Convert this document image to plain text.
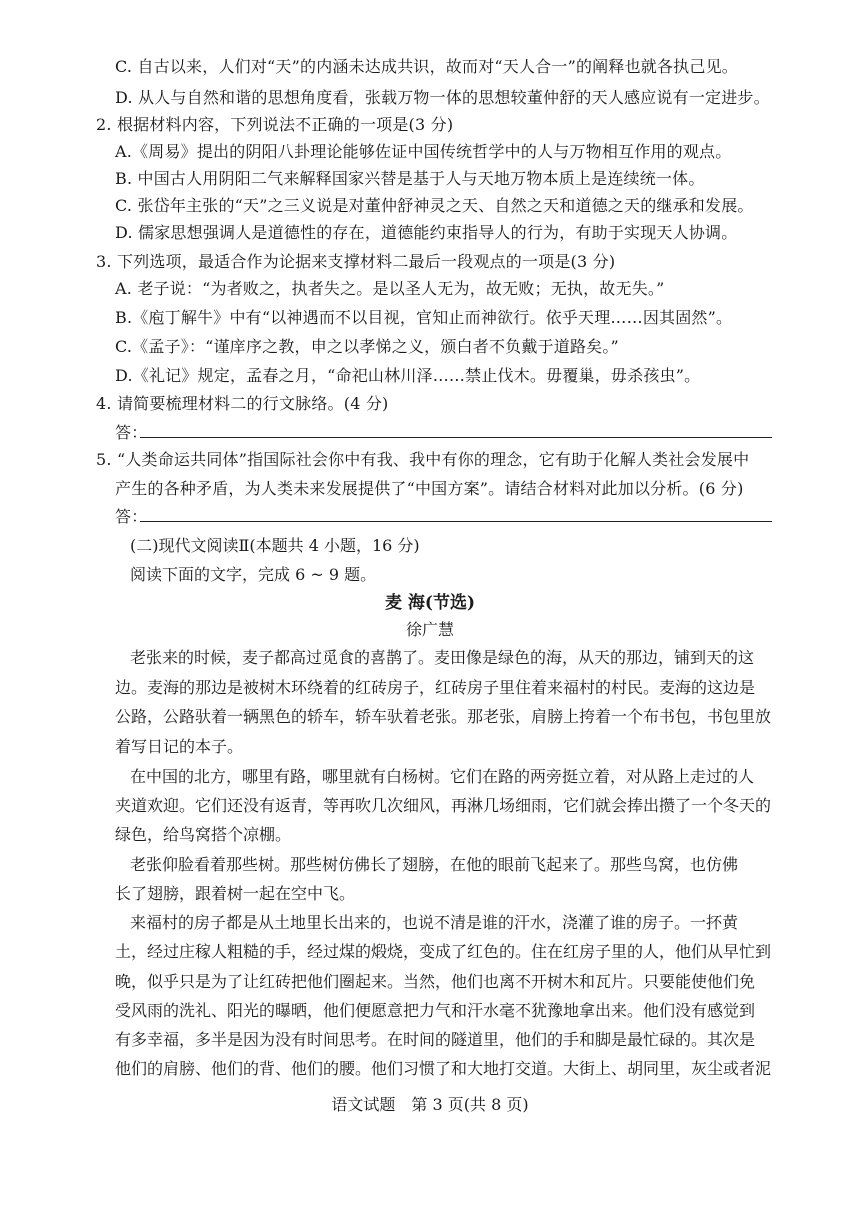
C. 自古以来，人们对“天”的内涵未达成共识，故而对“天人合一”的阐释也就各执己见。
D. 从人与自然和谐的思想角度看，张载万物一体的思想较董仲舒的天人感应说有一定进步。
2. 根据材料内容，下列说法不正确的一项是(3 分)
A.《周易》提出的阴阳八卦理论能够佐证中国传统哲学中的人与万物相互作用的观点。
B. 中国古人用阴阳二气来解释国家兴替是基于人与天地万物本质上是连续统一体。
C. 张岱年主张的“天”之三义说是对董仲舒神灵之天、自然之天和道德之天的继承和发展。
D. 儒家思想强调人是道德性的存在，道德能约束指导人的行为，有助于实现天人协调。
3. 下列选项，最适合作为论据来支撑材料二最后一段观点的一项是(3 分)
A. 老子说：“为者败之，执者失之。是以圣人无为，故无败；无执，故无失。”
B.《庖丁解牛》中有“以神遇而不以目视，官知止而神欲行。依乎天理……因其固然”。
C.《孟子》：“谨庠序之教，申之以孝悌之义，颁白者不负戴于道路矣。”
D.《礼记》规定，孟春之月，“命祀山林川泽……禁止伐木。毋覆巢，毋杀孩虫”。
4. 请简要梳理材料二的行文脉络。(4 分)
答：
5. “人类命运共同体”指国际社会你中有我、我中有你的理念，它有助于化解人类社会发展中
产生的各种矛盾，为人类未来发展提供了“中国方案”。请结合材料对此加以分析。(6 分)
答：
(二)现代文阅读Ⅱ(本题共 4 小题，16 分)
阅读下面的文字，完成 6 ~ 9 题。
麦 海(节选)
徐广慧
老张来的时候，麦子都高过觅食的喜鹊了。麦田像是绿色的海，从天的那边，铺到天的这
边。麦海的那边是被树木环绕着的红砖房子，红砖房子里住着来福村的村民。麦海的这边是
公路，公路驮着一辆黑色的轿车，轿车驮着老张。那老张，肩膀上挎着一个布书包，书包里放
着写日记的本子。
在中国的北方，哪里有路，哪里就有白杨树。它们在路的两旁挺立着，对从路上走过的人
夹道欢迎。它们还没有返青，等再吹几次细风，再淋几场细雨，它们就会捧出攒了一个冬天的
绿色，给鸟窝搭个凉棚。
老张仰脸看着那些树。那些树仿佛长了翅膀，在他的眼前飞起来了。那些鸟窝，也仿佛
长了翅膀，跟着树一起在空中飞。
来福村的房子都是从土地里长出来的，也说不清是谁的汗水，浇灌了谁的房子。一抔黄
土，经过庄稼人粗糙的手，经过煤的煅烧，变成了红色的。住在红房子里的人，他们从早忙到
晚，似乎只是为了让红砖把他们圈起来。当然，他们也离不开树木和瓦片。只要能使他们免
受风雨的洗礼、阳光的曝晒，他们便愿意把力气和汗水毫不犹豫地拿出来。他们没有感觉到
有多幸福，多半是因为没有时间思考。在时间的隧道里，他们的手和脚是最忙碌的。其次是
他们的肩膀、他们的背、他们的腰。他们习惯了和大地打交道。大街上、胡同里，灰尘或者泥
语文试题　第 3 页(共 8 页)
